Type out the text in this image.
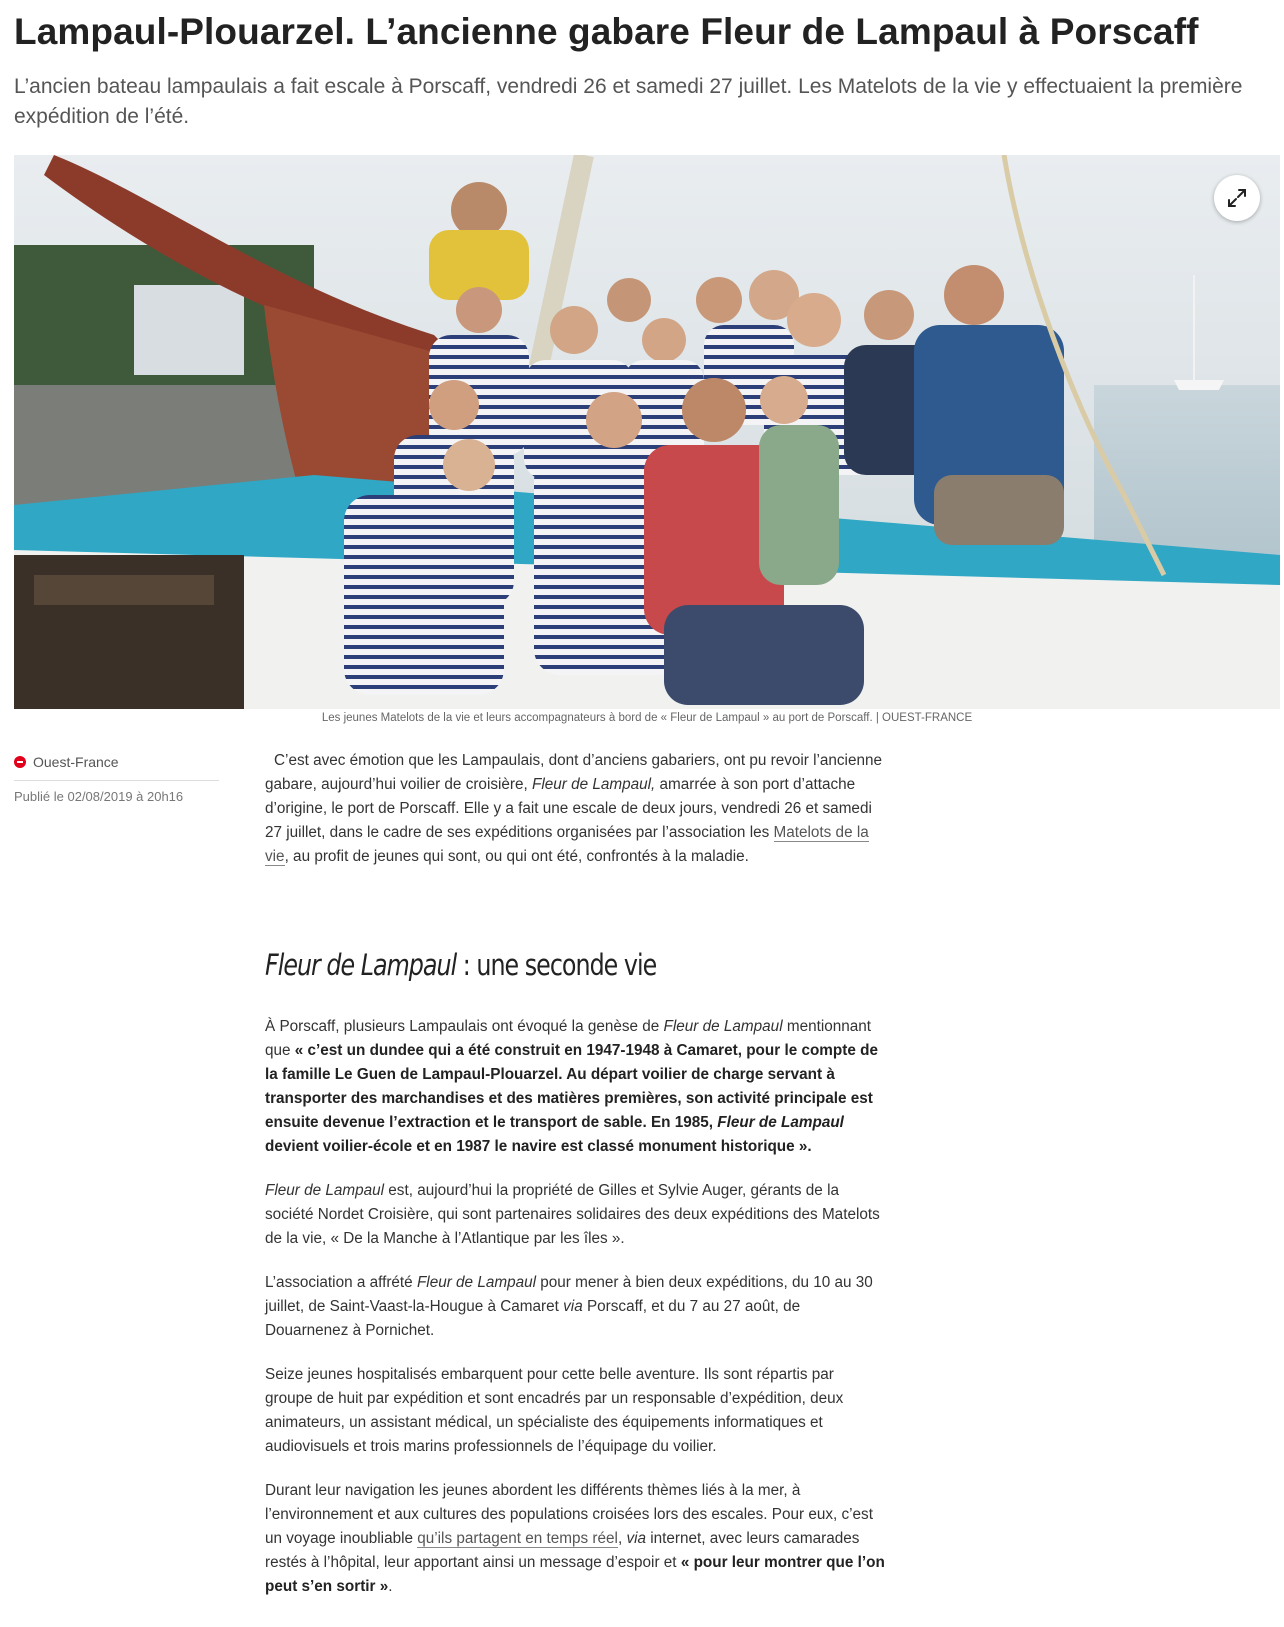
Lampaul-Plouarzel. L’ancienne gabare Fleur de Lampaul à Porscaff

L’ancien bateau lampaulais a fait escale à Porscaff, vendredi 26 et samedi 27 juillet. Les Matelots de la vie y effectuaient la première expédition de l’été.

Les jeunes Matelots de la vie et leurs accompagnateurs à bord de « Fleur de Lampaul » au port de Porscaff. | OUEST-FRANCE

Ouest-France
Publié le 02/08/2019 à 20h16

C’est avec émotion que les Lampaulais, dont d’anciens gabariers, ont pu revoir l’ancienne gabare, aujourd’hui voilier de croisière, Fleur de Lampaul, amarrée à son port d’attache d’origine, le port de Porscaff. Elle y a fait une escale de deux jours, vendredi 26 et samedi 27 juillet, dans le cadre de ses expéditions organisées par l’association les Matelots de la vie, au profit de jeunes qui sont, ou qui ont été, confrontés à la maladie.

Fleur de Lampaul : une seconde vie

À Porscaff, plusieurs Lampaulais ont évoqué la genèse de Fleur de Lampaul mentionnant que « c’est un dundee qui a été construit en 1947-1948 à Camaret, pour le compte de la famille Le Guen de Lampaul-Plouarzel. Au départ voilier de charge servant à transporter des marchandises et des matières premières, son activité principale est ensuite devenue l’extraction et le transport de sable. En 1985, Fleur de Lampaul devient voilier-école et en 1987 le navire est classé monument historique ».

Fleur de Lampaul est, aujourd’hui la propriété de Gilles et Sylvie Auger, gérants de la société Nordet Croisière, qui sont partenaires solidaires des deux expéditions des Matelots de la vie, « De la Manche à l’Atlantique par les îles ».

L’association a affrété Fleur de Lampaul pour mener à bien deux expéditions, du 10 au 30 juillet, de Saint-Vaast-la-Hougue à Camaret via Porscaff, et du 7 au 27 août, de Douarnenez à Pornichet.

Seize jeunes hospitalisés embarquent pour cette belle aventure. Ils sont répartis par groupe de huit par expédition et sont encadrés par un responsable d’expédition, deux animateurs, un assistant médical, un spécialiste des équipements informatiques et audiovisuels et trois marins professionnels de l’équipage du voilier.

Durant leur navigation les jeunes abordent les différents thèmes liés à la mer, à l’environnement et aux cultures des populations croisées lors des escales. Pour eux, c’est un voyage inoubliable qu’ils partagent en temps réel, via internet, avec leurs camarades restés à l’hôpital, leur apportant ainsi un message d’espoir et « pour leur montrer que l’on peut s’en sortir ».
